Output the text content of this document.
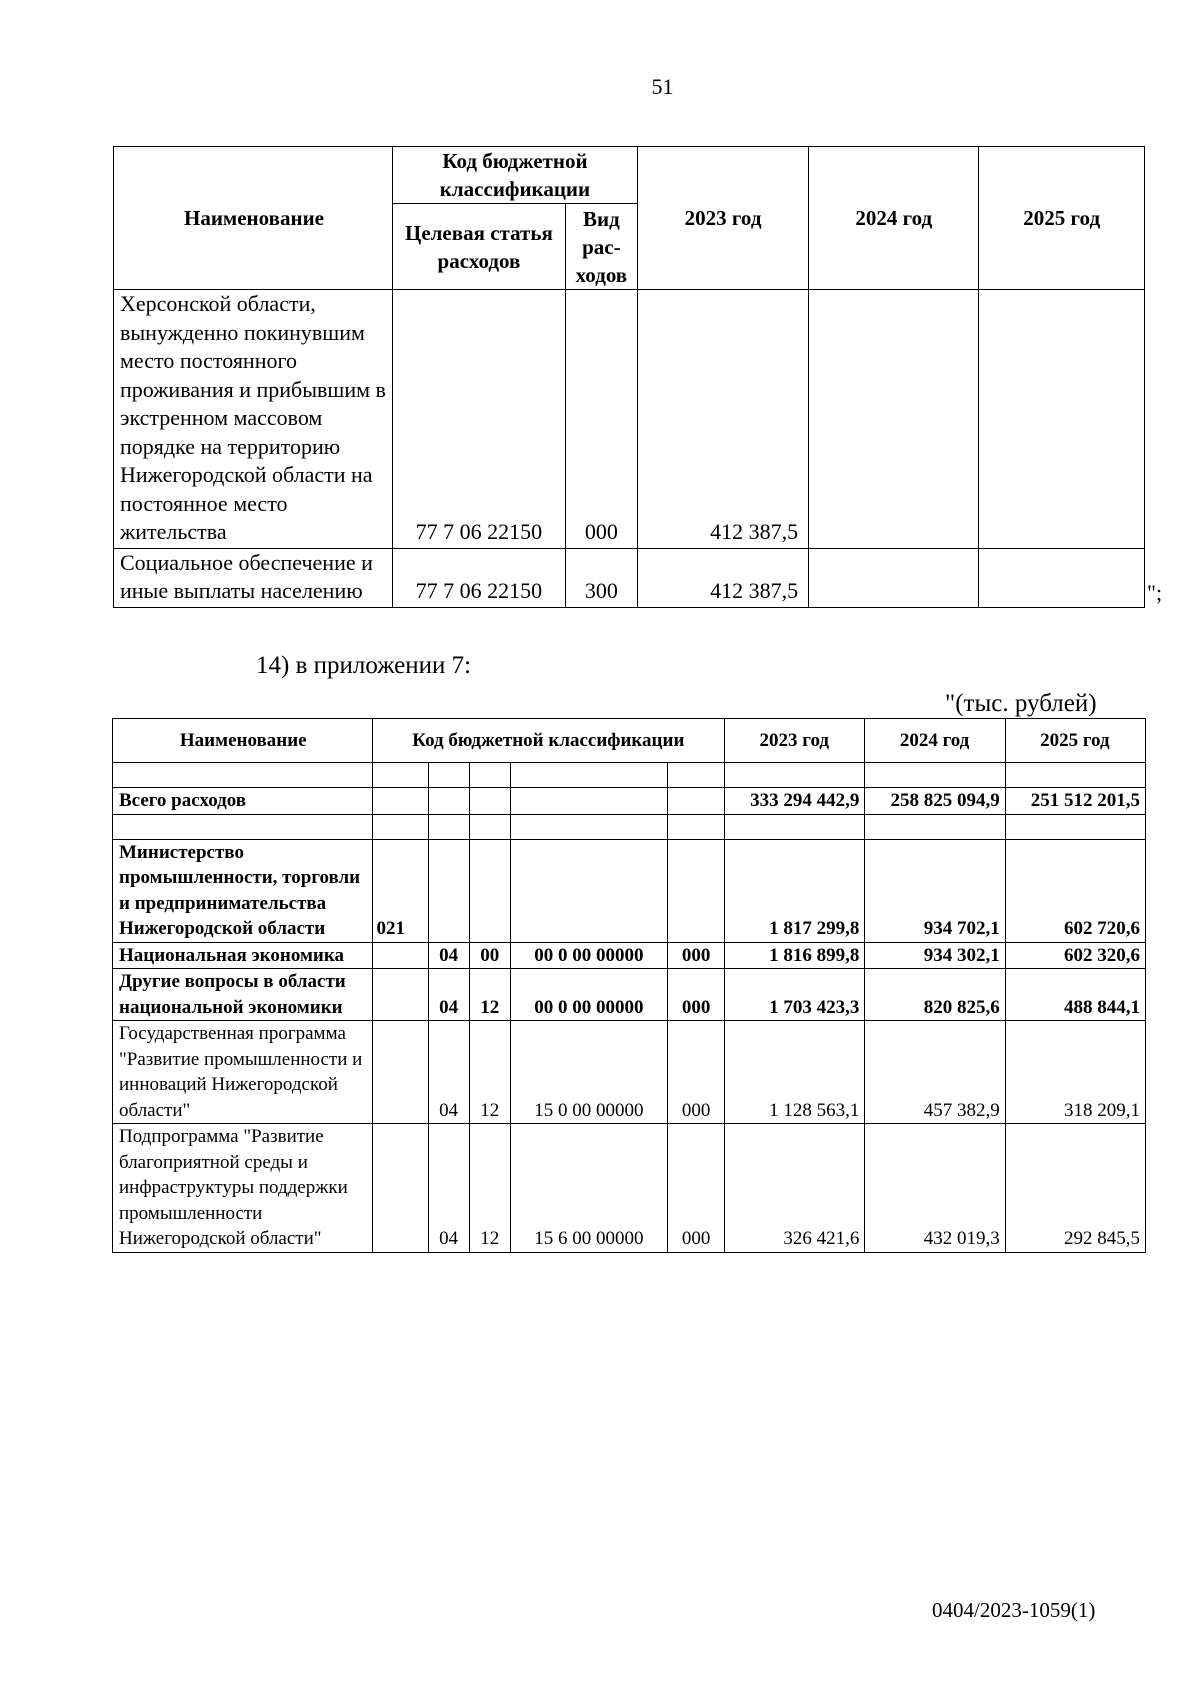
51
Наименование	Код бюджетной классификации		2023 год	2024 год	2025 год
	Целевая статья расходов	Вид рас-ходов			
Херсонской области, вынужденно покинувшим место постоянного проживания и прибывшим в экстренном массовом порядке на территорию Нижегородской области на постоянное место жительства	77 7 06 22150	000	412 387,5		
Социальное обеспечение и иные выплаты населению	77 7 06 22150	300	412 387,5			";
14) в приложении 7:
"(тыс. рублей)
Наименование	Код бюджетной классификации					2023 год	2024 год	2025 год

Всего расходов						333 294 442,9	258 825 094,9	251 512 201,5

Министерство промышленности, торговли и предпринимательства Нижегородской области	021					1 817 299,8	934 702,1	602 720,6
Национальная экономика		04	00	00 0 00 00000	000	1 816 899,8	934 302,1	602 320,6
Другие вопросы в области национальной экономики		04	12	00 0 00 00000	000	1 703 423,3	820 825,6	488 844,1
Государственная программа "Развитие промышленности и инноваций Нижегородской области"		04	12	15 0 00 00000	000	1 128 563,1	457 382,9	318 209,1
Подпрограмма "Развитие благоприятной среды и инфраструктуры поддержки промышленности Нижегородской области"		04	12	15 6 00 00000	000	326 421,6	432 019,3	292 845,5
0404/2023-1059(1)
